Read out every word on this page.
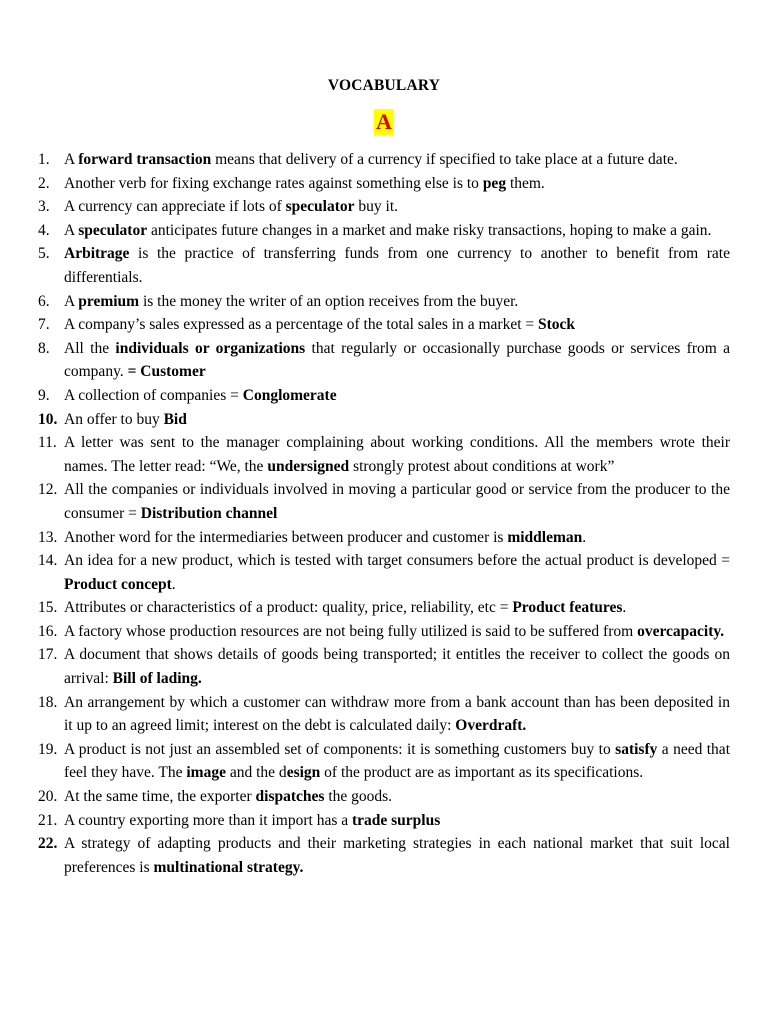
VOCABULARY
A
1. A forward transaction means that delivery of a currency if specified to take place at a future date.
2. Another verb for fixing exchange rates against something else is to peg them.
3. A currency can appreciate if lots of speculator buy it.
4. A speculator anticipates future changes in a market and make risky transactions, hoping to make a gain.
5. Arbitrage is the practice of transferring funds from one currency to another to benefit from rate differentials.
6. A premium is the money the writer of an option receives from the buyer.
7. A company’s sales expressed as a percentage of the total sales in a market = Stock
8. All the individuals or organizations that regularly or occasionally purchase goods or services from a company. = Customer
9. A collection of companies = Conglomerate
10. An offer to buy Bid
11. A letter was sent to the manager complaining about working conditions. All the members wrote their names. The letter read: “We, the undersigned strongly protest about conditions at work”
12. All the companies or individuals involved in moving a particular good or service from the producer to the consumer = Distribution channel
13. Another word for the intermediaries between producer and customer is middleman.
14. An idea for a new product, which is tested with target consumers before the actual product is developed = Product concept.
15. Attributes or characteristics of a product: quality, price, reliability, etc = Product features.
16. A factory whose production resources are not being fully utilized is said to be suffered from overcapacity.
17. A document that shows details of goods being transported; it entitles the receiver to collect the goods on arrival: Bill of lading.
18. An arrangement by which a customer can withdraw more from a bank account than has been deposited in it up to an agreed limit; interest on the debt is calculated daily: Overdraft.
19. A product is not just an assembled set of components: it is something customers buy to satisfy a need that feel they have. The image and the design of the product are as important as its specifications.
20. At the same time, the exporter dispatches the goods.
21. A country exporting more than it import has a trade surplus
22. A strategy of adapting products and their marketing strategies in each national market that suit local preferences is multinational strategy.
